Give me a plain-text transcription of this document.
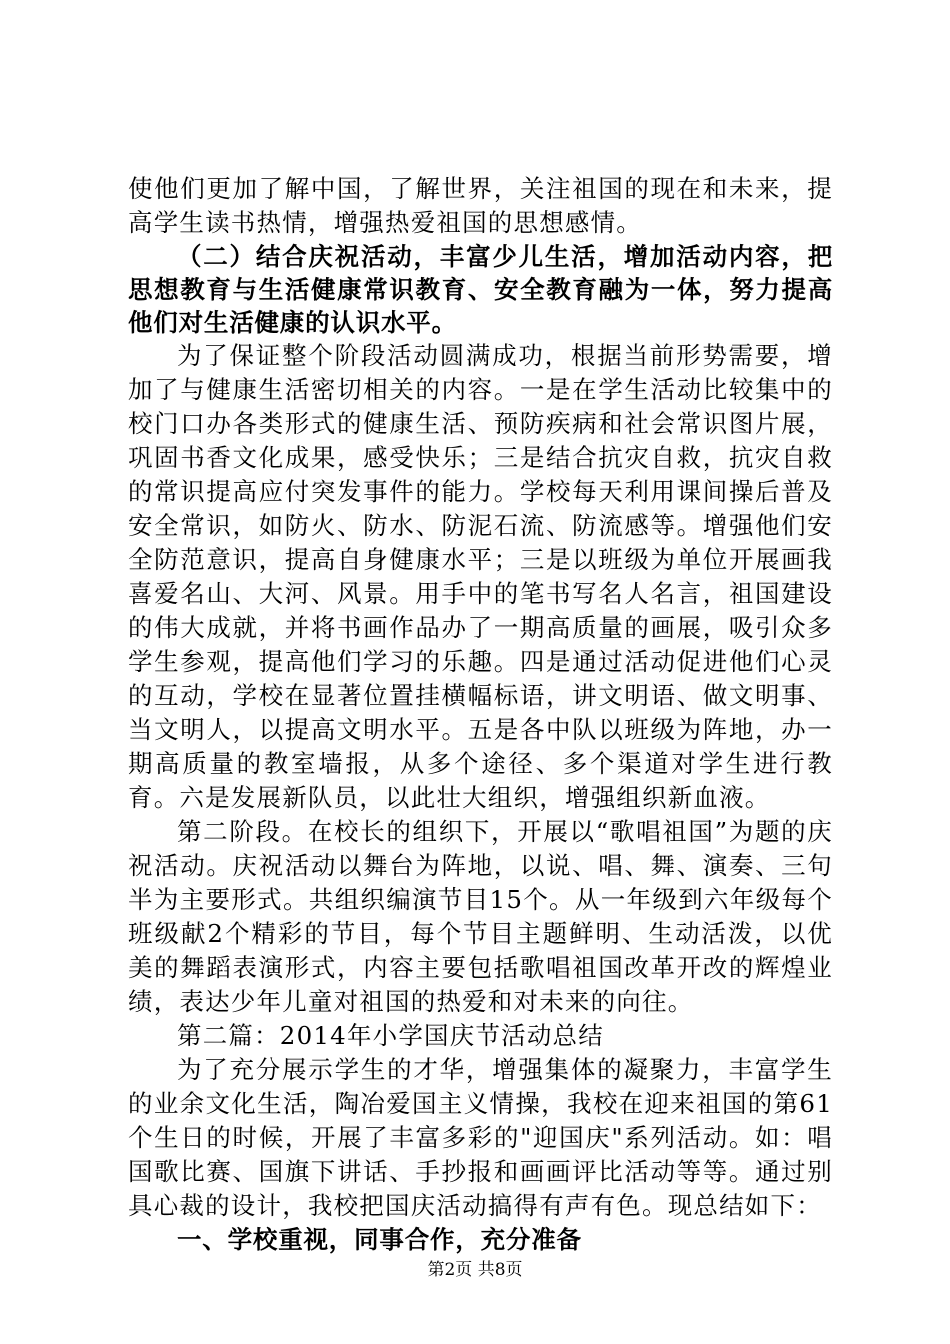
使他们更加了解中国，了解世界，关注祖国的现在和未来，提高学生读书热情，增强热爱祖国的思想感情。

（二）结合庆祝活动，丰富少儿生活，增加活动内容，把思想教育与生活健康常识教育、安全教育融为一体，努力提高他们对生活健康的认识水平。

为了保证整个阶段活动圆满成功，根据当前形势需要，增加了与健康生活密切相关的内容。一是在学生活动比较集中的校门口办各类形式的健康生活、预防疾病和社会常识图片展，巩固书香文化成果，感受快乐；三是结合抗灾自救，抗灾自救的常识提高应付突发事件的能力。学校每天利用课间操后普及安全常识，如防火、防水、防泥石流、防流感等。增强他们安全防范意识，提高自身健康水平；三是以班级为单位开展画我喜爱名山、大河、风景。用手中的笔书写名人名言，祖国建设的伟大成就，并将书画作品办了一期高质量的画展，吸引众多学生参观，提高他们学习的乐趣。四是通过活动促进他们心灵的互动，学校在显著位置挂横幅标语，讲文明语、做文明事、当文明人，以提高文明水平。五是各中队以班级为阵地，办一期高质量的教室墙报，从多个途径、多个渠道对学生进行教育。六是发展新队员，以此壮大组织，增强组织新血液。

第二阶段。在校长的组织下，开展以“歌唱祖国”为题的庆祝活动。庆祝活动以舞台为阵地，以说、唱、舞、演奏、三句半为主要形式。共组织编演节目15个。从一年级到六年级每个班级献2个精彩的节目，每个节目主题鲜明、生动活泼，以优美的舞蹈表演形式，内容主要包括歌唱祖国改革开改的辉煌业绩，表达少年儿童对祖国的热爱和对未来的向往。

第二篇：2014年小学国庆节活动总结

为了充分展示学生的才华，增强集体的凝聚力，丰富学生的业余文化生活，陶冶爱国主义情操，我校在迎来祖国的第61个生日的时候，开展了丰富多彩的"迎国庆"系列活动。如：唱国歌比赛、国旗下讲话、手抄报和画画评比活动等等。通过别具心裁的设计，我校把国庆活动搞得有声有色。现总结如下：

一、学校重视，同事合作，充分准备

第2页 共8页
